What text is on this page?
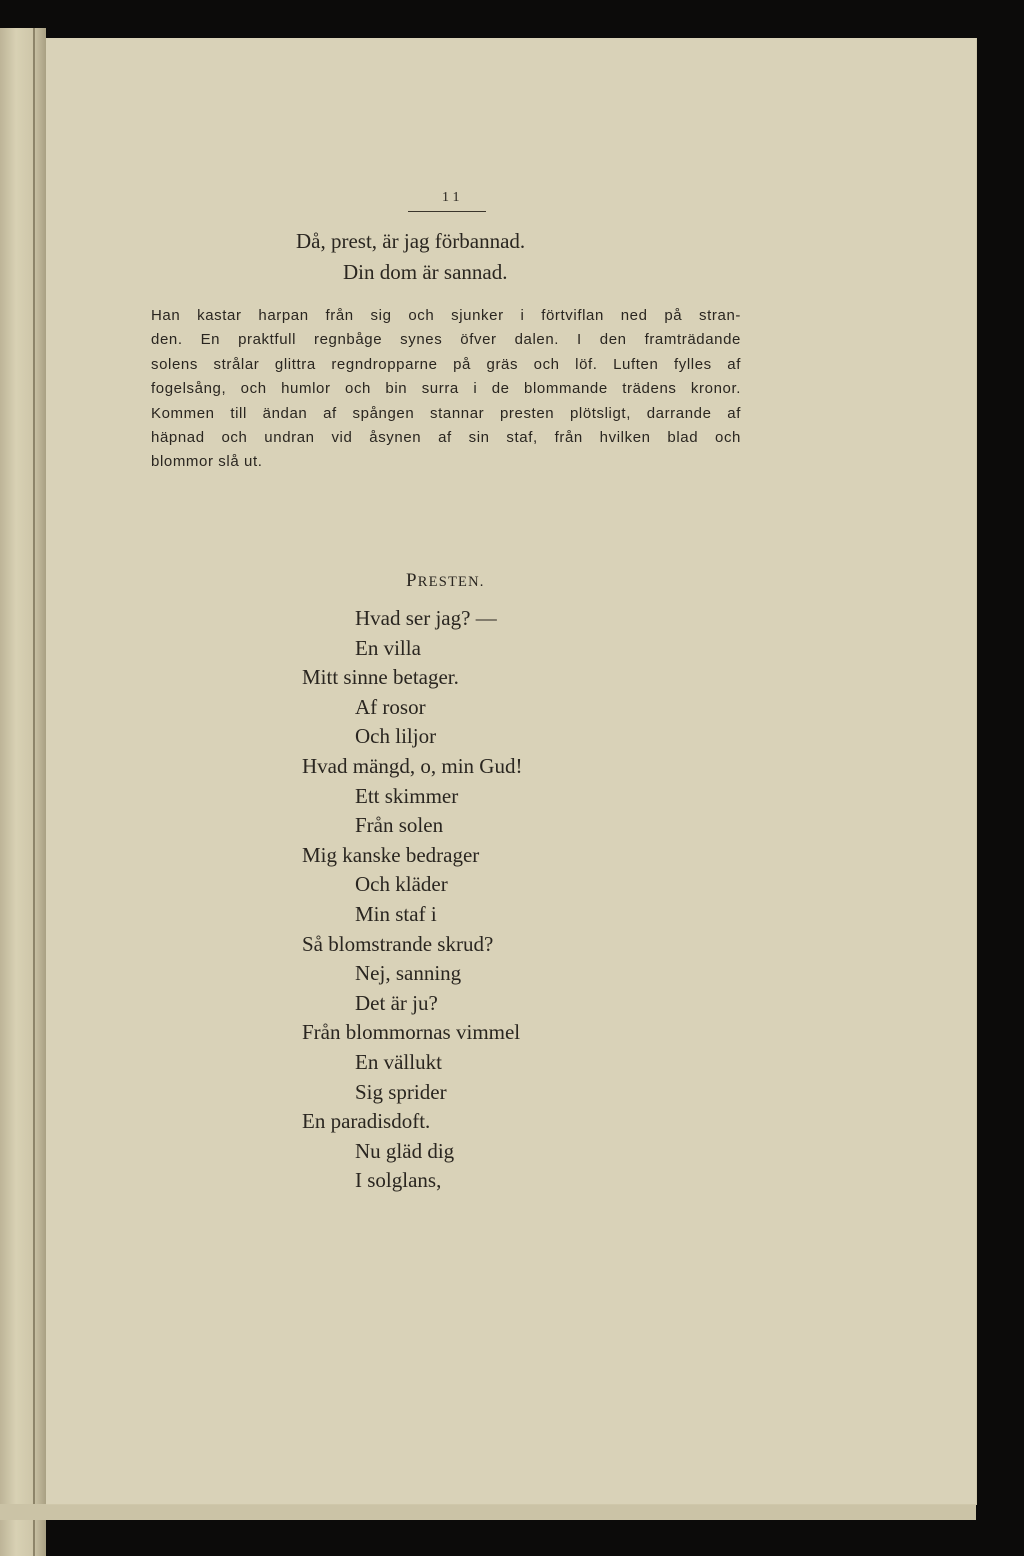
11

Då, prest, är jag förbannad.
Din dom är sannad.
Han kastar harpan från sig och sjunker i förtviflan ned på stran-
den. En praktfull regnbåge synes öfver dalen. I den framträdande
solens strålar glittra regndropparne på gräs och löf. Luften fylles af
fogelsång, och humlor och bin surra i de blommande trädens kronor.
Kommen till ändan af spången stannar presten plötsligt, darrande af
häpnad och undran vid åsynen af sin staf, från hvilken blad och
blommor slå ut.

PRESTEN.

Hvad ser jag? —
En villa
Mitt sinne betager.
Af rosor
Och liljor
Hvad mängd, o, min Gud!
Ett skimmer
Från solen
Mig kanske bedrager
Och kläder
Min staf i
Så blomstrande skrud?
Nej, sanning
Det är ju?
Från blommornas vimmel
En vällukt
Sig sprider
En paradisdoft.
Nu gläd dig
I solglans,
